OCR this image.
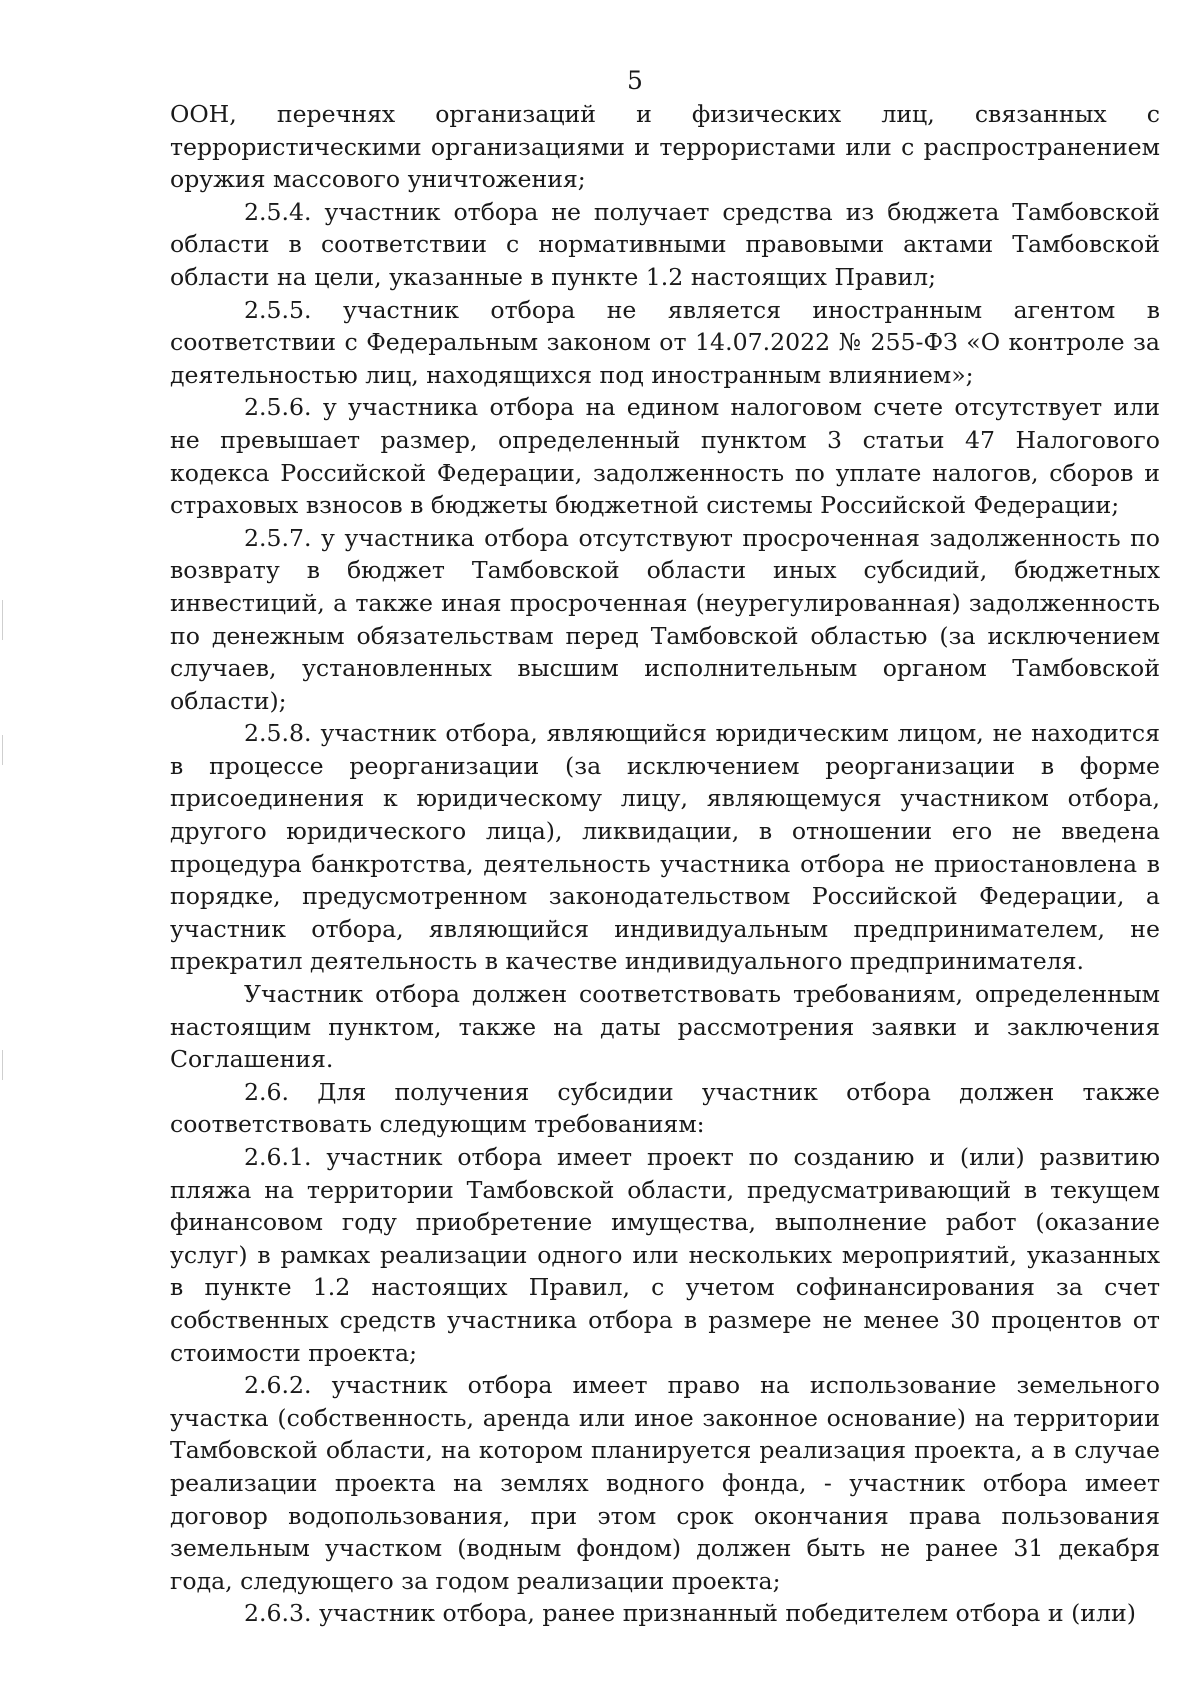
5

ООН, перечнях организаций и физических лиц, связанных с террористическими организациями и террористами или с распространением оружия массового уничтожения;

2.5.4. участник отбора не получает средства из бюджета Тамбовской области в соответствии с нормативными правовыми актами Тамбовской области на цели, указанные в пункте 1.2 настоящих Правил;

2.5.5. участник отбора не является иностранным агентом в соответствии с Федеральным законом от 14.07.2022 № 255-ФЗ «О контроле за деятельностью лиц, находящихся под иностранным влиянием»;

2.5.6. у участника отбора на едином налоговом счете отсутствует или не превышает размер, определенный пунктом 3 статьи 47 Налогового кодекса Российской Федерации, задолженность по уплате налогов, сборов и страховых взносов в бюджеты бюджетной системы Российской Федерации;

2.5.7. у участника отбора отсутствуют просроченная задолженность по возврату в бюджет Тамбовской области иных субсидий, бюджетных инвестиций, а также иная просроченная (неурегулированная) задолженность по денежным обязательствам перед Тамбовской областью (за исключением случаев, установленных высшим исполнительным органом Тамбовской области);

2.5.8. участник отбора, являющийся юридическим лицом, не находится в процессе реорганизации (за исключением реорганизации в форме присоединения к юридическому лицу, являющемуся участником отбора, другого юридического лица), ликвидации, в отношении его не введена процедура банкротства, деятельность участника отбора не приостановлена в порядке, предусмотренном законодательством Российской Федерации, а участник отбора, являющийся индивидуальным предпринимателем, не прекратил деятельность в качестве индивидуального предпринимателя.

Участник отбора должен соответствовать требованиям, определенным настоящим пунктом, также на даты рассмотрения заявки и заключения Соглашения.

2.6. Для получения субсидии участник отбора должен также соответствовать следующим требованиям:

2.6.1. участник отбора имеет проект по созданию и (или) развитию пляжа на территории Тамбовской области, предусматривающий в текущем финансовом году приобретение имущества, выполнение работ (оказание услуг) в рамках реализации одного или нескольких мероприятий, указанных в пункте 1.2 настоящих Правил, с учетом софинансирования за счет собственных средств участника отбора в размере не менее 30 процентов от стоимости проекта;

2.6.2. участник отбора имеет право на использование земельного участка (собственность, аренда или иное законное основание) на территории Тамбовской области, на котором планируется реализация проекта, а в случае реализации проекта на землях водного фонда, - участник отбора имеет договор водопользования, при этом срок окончания права пользования земельным участком (водным фондом) должен быть не ранее 31 декабря года, следующего за годом реализации проекта;

2.6.3. участник отбора, ранее признанный победителем отбора и (или)
